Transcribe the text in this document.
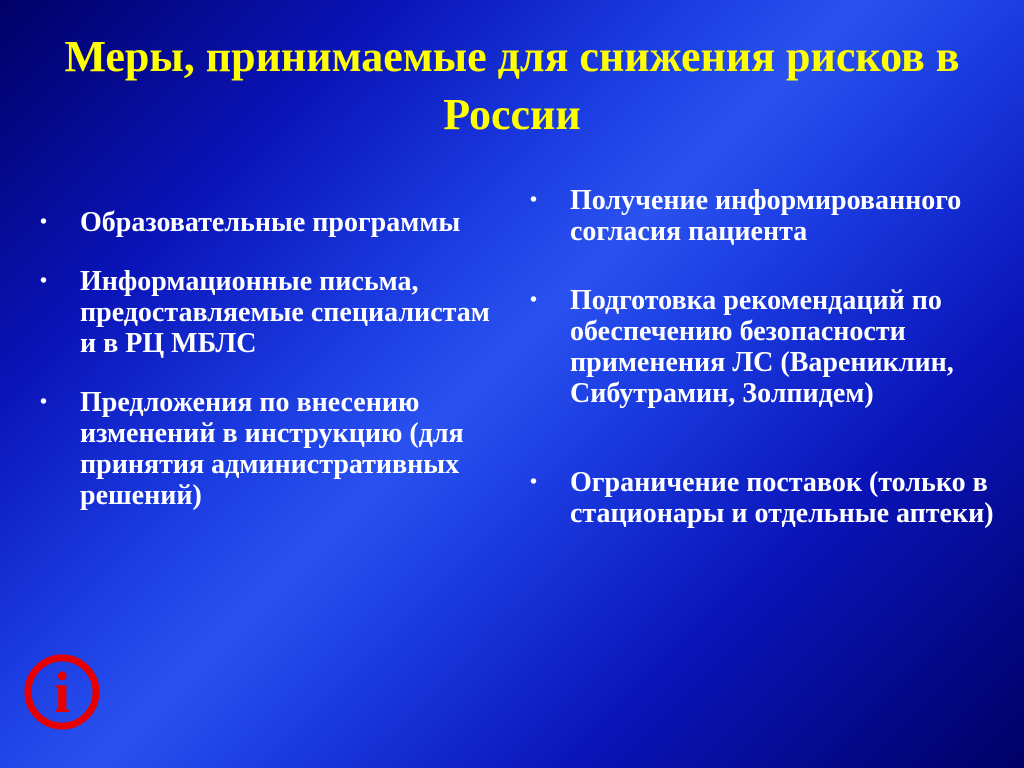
Меры, принимаемые для снижения рисков в России
• Образовательные программы
• Информационные письма, предоставляемые специалистам и в РЦ МБЛС
• Предложения по внесению изменений в инструкцию (для принятия административных решений)
• Получение информированного согласия пациента
• Подготовка рекомендаций по обеспечению безопасности применения ЛС (Варениклин, Сибутрамин, Золпидем)
• Ограничение поставок (только в стационары и отдельные аптеки)
i
